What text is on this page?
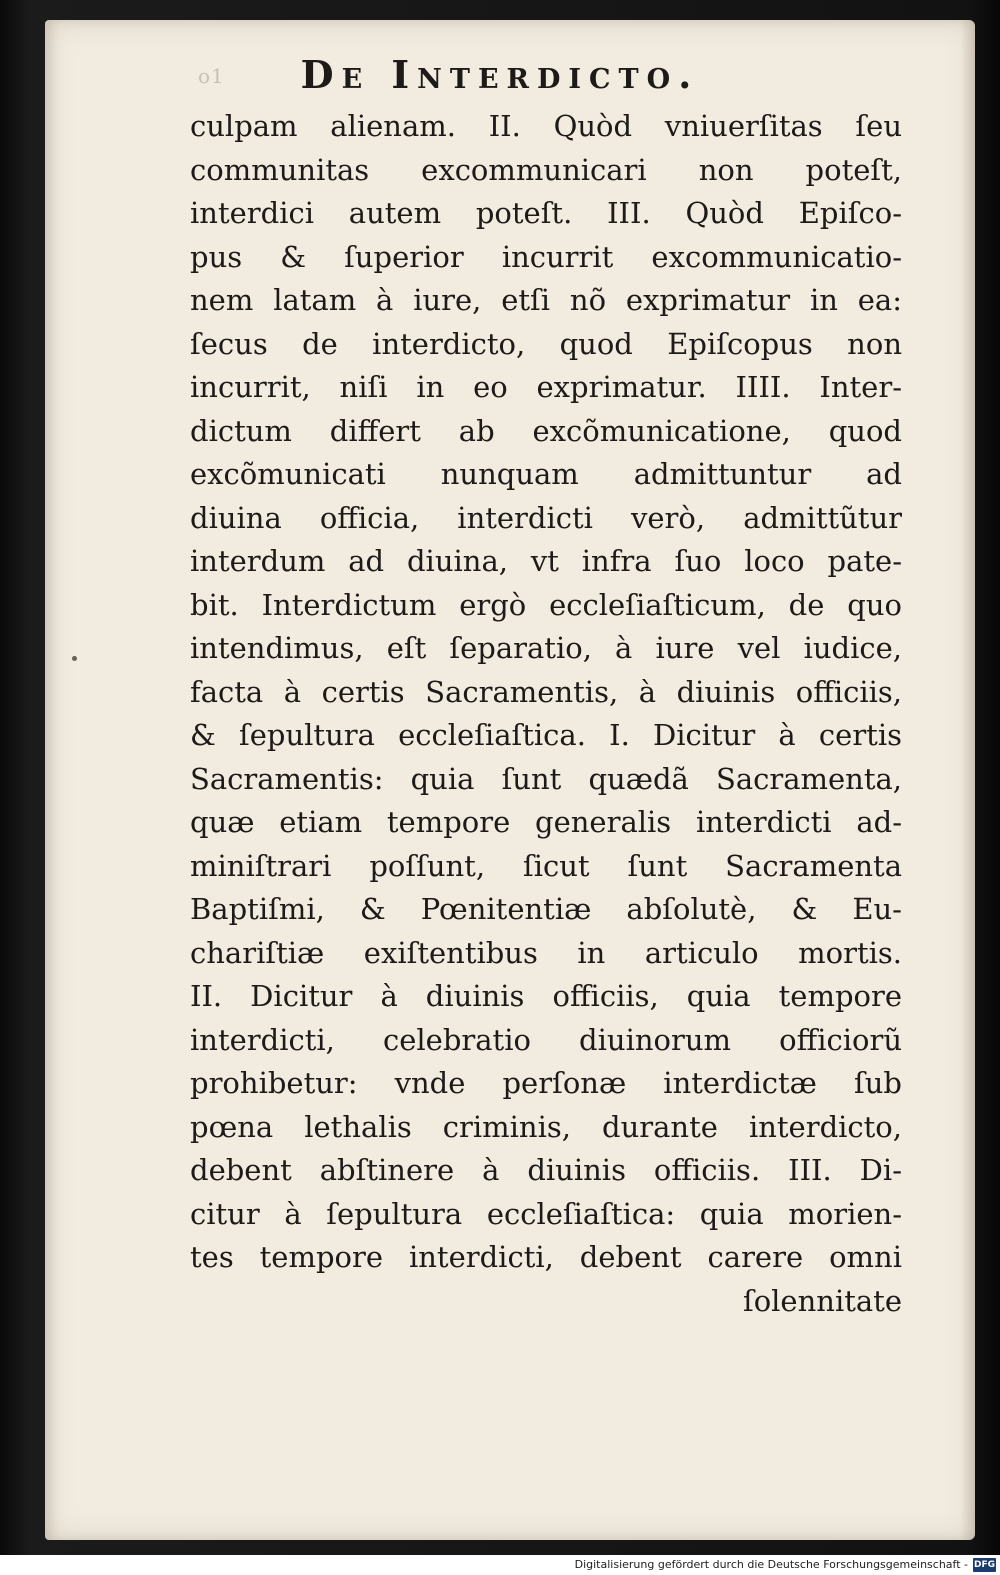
o1	De Interdicto.
culpam alienam. II. Quòd vniuerſitas ſeu
communitas excommunicari non poteſt,
interdici autem poteſt. III. Quòd Epiſco-
pus & ſuperior incurrit excommunicatio-
nem latam à iure, etſi nõ exprimatur in ea:
ſecus de interdicto, quod Epiſcopus non
incurrit, niſi in eo exprimatur. IIII. Inter-
dictum differt ab excõmunicatione, quod
excõmunicati nunquam admittuntur ad
diuina officia, interdicti verò, admittũtur
interdum ad diuina, vt infra ſuo loco pate-
bit. Interdictum ergò eccleſiaſticum, de quo
intendimus, eſt ſeparatio, à iure vel iudice,
facta à certis Sacramentis, à diuinis officiis,
& ſepultura eccleſiaſtica. I. Dicitur à certis
Sacramentis: quia ſunt quædã Sacramenta,
quæ etiam tempore generalis interdicti ad-
miniſtrari poſſunt, ſicut ſunt Sacramenta
Baptiſmi, & Pœnitentiæ abſolutè, & Eu-
chariſtiæ exiſtentibus in articulo mortis.
II. Dicitur à diuinis officiis, quia tempore
interdicti, celebratio diuinorum officiorũ
prohibetur: vnde perſonæ interdictæ ſub
pœna lethalis criminis, durante interdicto,
debent abſtinere à diuinis officiis. III. Di-
citur à ſepultura eccleſiaſtica: quia morien-
tes tempore interdicti, debent carere omni
ſolennitate
Digitalisierung gefördert durch die Deutsche Forschungsgemeinschaft - DFG
